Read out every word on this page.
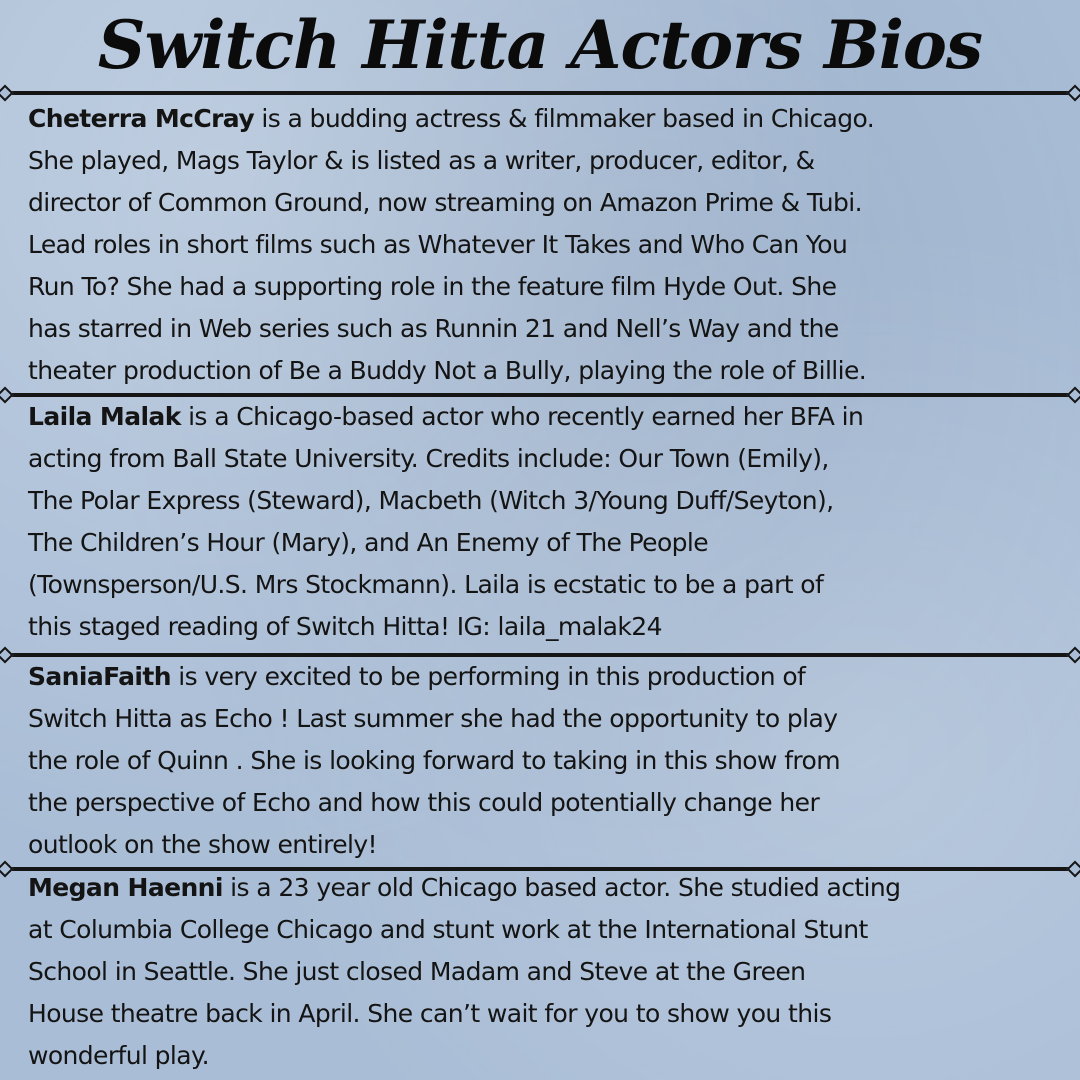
Switch Hitta Actors Bios
Cheterra McCray is a budding actress & filmmaker based in Chicago.
She played, Mags Taylor & is listed as a writer, producer, editor, &
director of Common Ground, now streaming on Amazon Prime & Tubi.
Lead roles in short films such as Whatever It Takes and Who Can You
Run To? She had a supporting role in the feature film Hyde Out. She
has starred in Web series such as Runnin 21 and Nell’s Way and the
theater production of Be a Buddy Not a Bully, playing the role of Billie.
Laila Malak is a Chicago-based actor who recently earned her BFA in
acting from Ball State University. Credits include: Our Town (Emily),
The Polar Express (Steward), Macbeth (Witch 3/Young Duff/Seyton),
The Children’s Hour (Mary), and An Enemy of The People
(Townsperson/U.S. Mrs Stockmann). Laila is ecstatic to be a part of
this staged reading of Switch Hitta! IG: laila_malak24
SaniaFaith is very excited to be performing in this production of
Switch Hitta as Echo ! Last summer she had the opportunity to play
the role of Quinn . She is looking forward to taking in this show from
the perspective of Echo and how this could potentially change her
outlook on the show entirely!
Megan Haenni is a 23 year old Chicago based actor. She studied acting
at Columbia College Chicago and stunt work at the International Stunt
School in Seattle. She just closed Madam and Steve at the Green
House theatre back in April. She can’t wait for you to show you this
wonderful play.
